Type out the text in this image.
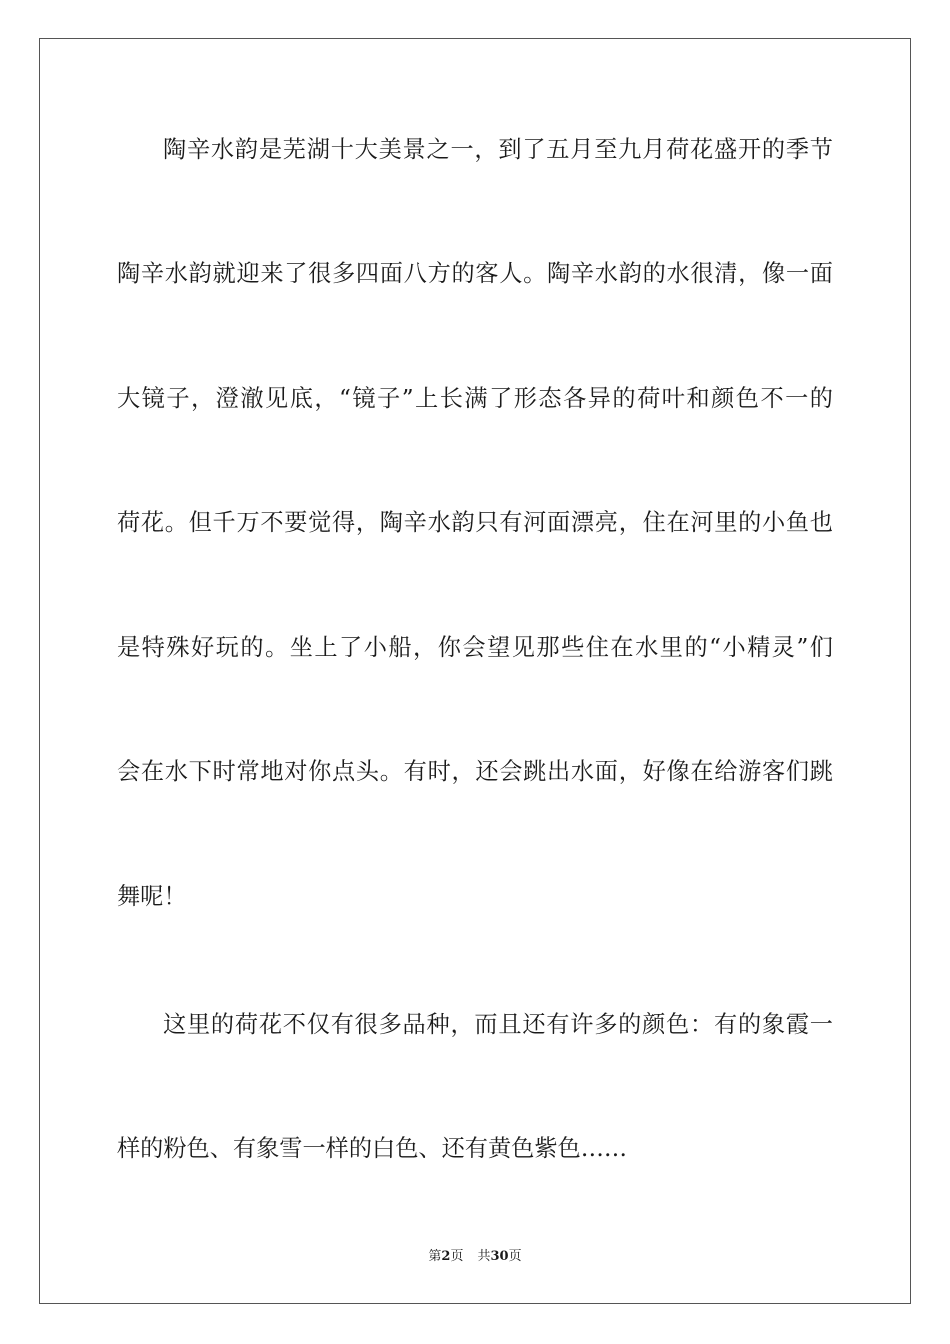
陶辛水韵是芜湖十大美景之一，到了五月至九月荷花盛开的季节
陶辛水韵就迎来了很多四面八方的客人。陶辛水韵的水很清，像一面
大镜子，澄澈见底，“镜子”上长满了形态各异的荷叶和颜色不一的
荷花。但千万不要觉得，陶辛水韵只有河面漂亮，住在河里的小鱼也
是特殊好玩的。坐上了小船，你会望见那些住在水里的“小精灵”们
会在水下时常地对你点头。有时，还会跳出水面，好像在给游客们跳
舞呢！
这里的荷花不仅有很多品种，而且还有许多的颜色：有的象霞一
样的粉色、有象雪一样的白色、还有黄色紫色……
第2页 共30页
